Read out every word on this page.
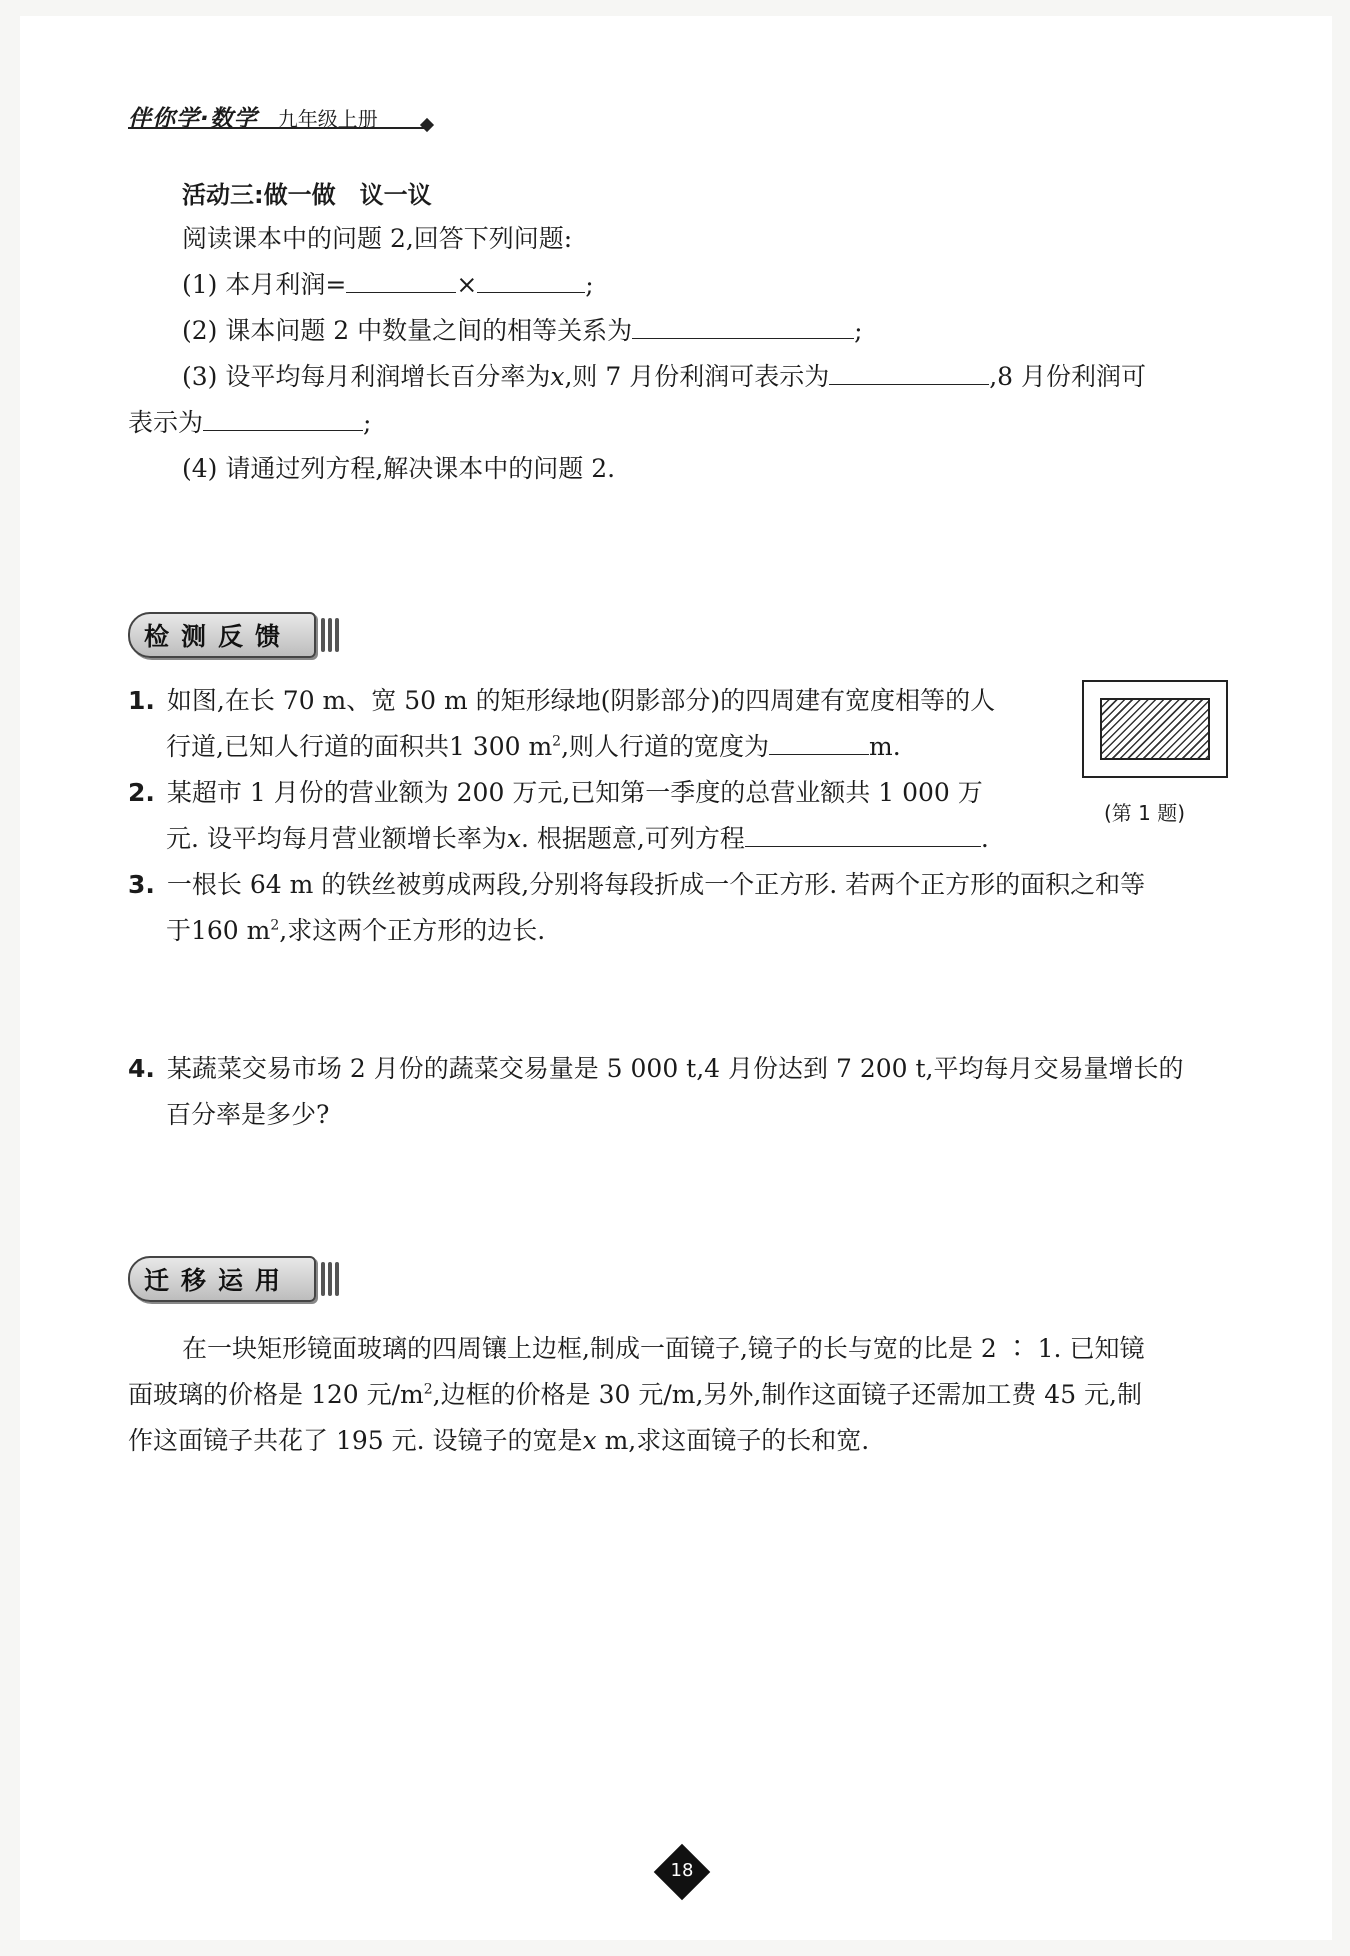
伴你学·数学 九年级上册
活动三:做一做　议一议
阅读课本中的问题 2,回答下列问题:
(1) 本月利润=	×	;
(2) 课本问题 2 中数量之间的相等关系为	;
(3) 设平均每月利润增长百分率为x,则 7 月份利润可表示为	,8 月份利润可
表示为	;
(4) 请通过列方程,解决课本中的问题 2.
检测反馈
1. 如图,在长 70 m、宽 50 m 的矩形绿地(阴影部分)的四周建有宽度相等的人
行道,已知人行道的面积共1 300 $m^2$,则人行道的宽度为	m.
(第 1 题)
2. 某超市 1 月份的营业额为 200 万元,已知第一季度的总营业额共 1 000 万
元. 设平均每月营业额增长率为x. 根据题意,可列方程	.
3. 一根长 64 m 的铁丝被剪成两段,分别将每段折成一个正方形. 若两个正方形的面积之和等
于160 $m^2$,求这两个正方形的边长.
4. 某蔬菜交易市场 2 月份的蔬菜交易量是 5 000 t,4 月份达到 7 200 t,平均每月交易量增长的
百分率是多少?
迁移运用
在一块矩形镜面玻璃的四周镶上边框,制成一面镜子,镜子的长与宽的比是 2 ∶ 1. 已知镜
面玻璃的价格是 120 元$/m^2$,边框的价格是 30 元/m,另外,制作这面镜子还需加工费 45 元,制
作这面镜子共花了 195 元. 设镜子的宽是x m,求这面镜子的长和宽.
18
